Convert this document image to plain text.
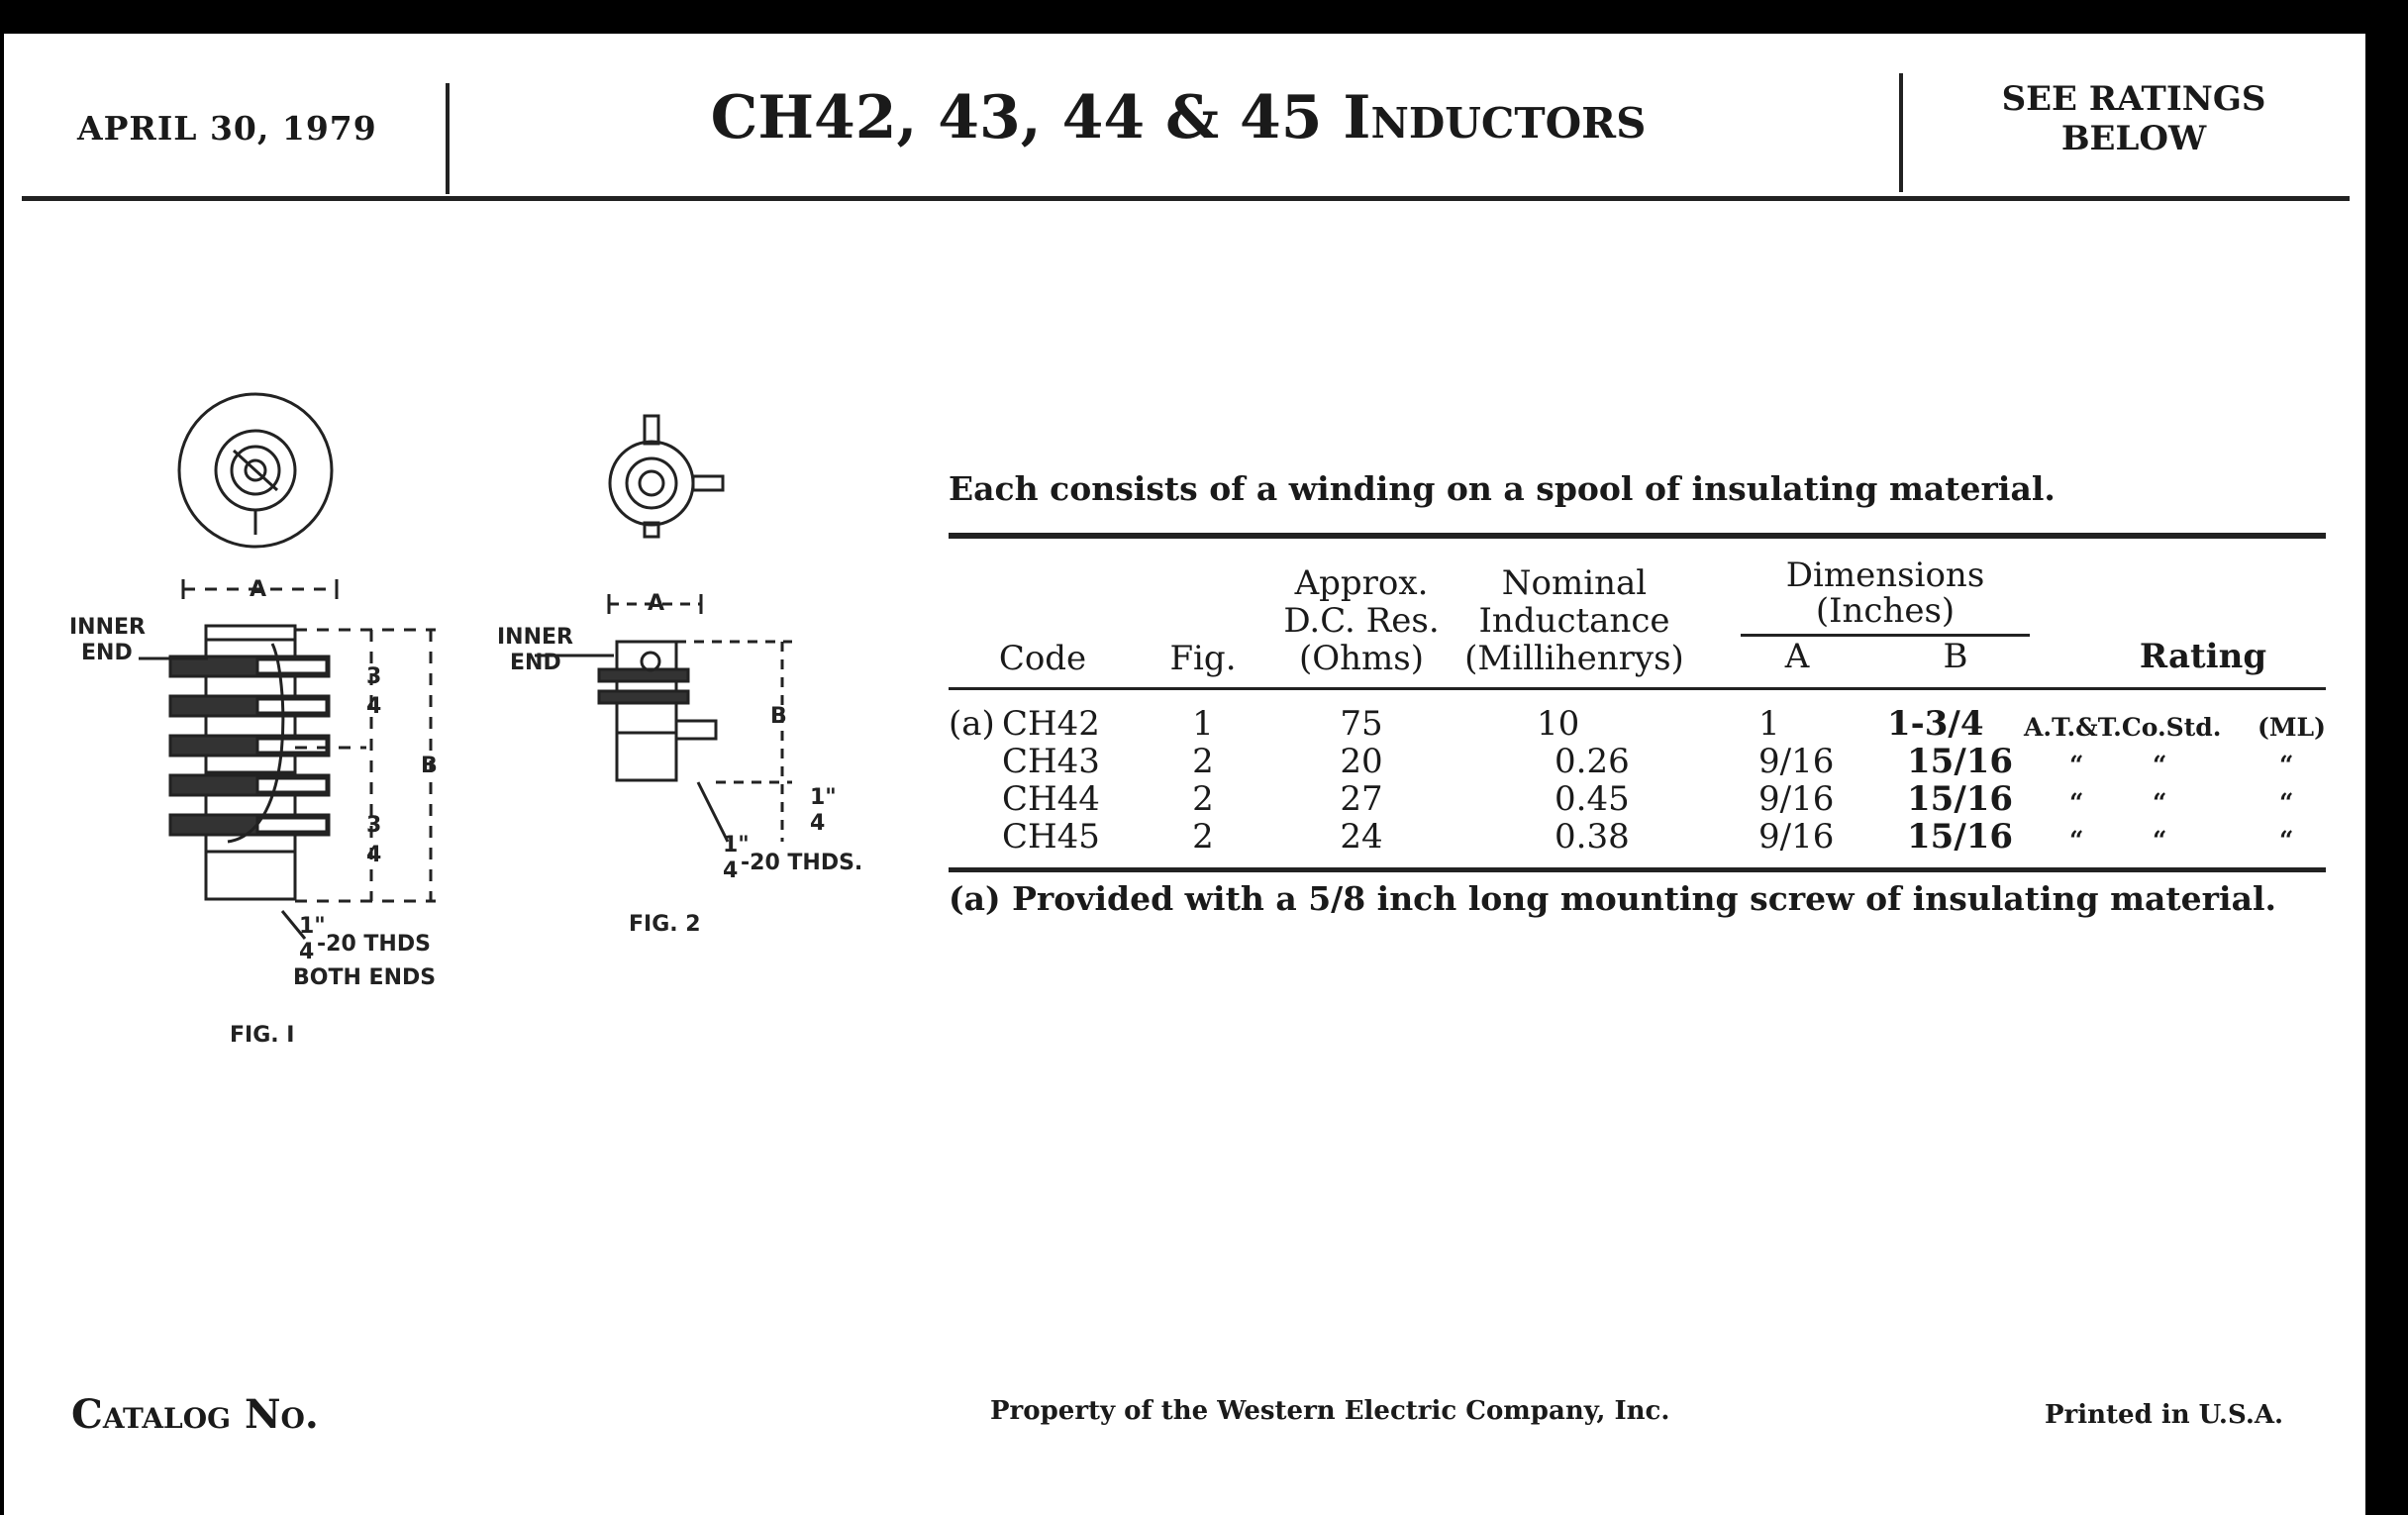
APRIL 30, 1979	CH42, 43, 44 & 45 Inductors	SEE RATINGS
BELOW
INNER
END
A
B
3
4
3
4
1"
4 -20 THDS
BOTH ENDS
FIG. I
INNER
END
A
B
1"
4
1"
4 -20 THDS.
FIG. 2
Each consists of a winding on a spool of insulating material.
Code	Fig.
Approx.
D.C. Res.
(Ohms)
Nominal
Inductance
(Millihenrys)
Dimensions
(Inches)
A	B	Rating
(a) CH42	1	75	10	1	1-3/4 A.T.&T.Co.Std. (ML)
CH43	2	20	0.26	9/16 15/16 “        “	“
CH44	2	27	0.45	9/16 15/16 “        “	“
CH45	2	24	0.38	9/16 15/16 “        “	“
(a) Provided with a 5/8 inch long mounting screw of insulating material.
Catalog No.	Property of the Western Electric Company, Inc.	Printed in U.S.A.
